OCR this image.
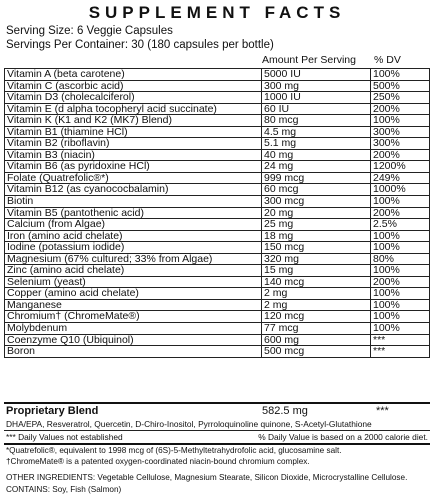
SUPPLEMENT FACTS
Serving Size: 6 Veggie Capsules
Servings Per Container: 30 (180 capsules per bottle)
Amount Per Serving % DV
Vitamin A (beta carotene)	5000 IU	100%
Vitamin C (ascorbic acid)	300 mg	500%
Vitamin D3 (cholecalciferol)	1000 IU	250%
Vitamin E (d alpha tocopheryl acid succinate)	60 IU	200%
Vitamin K (K1 and K2 (MK7) Blend)	80 mcg	100%
Vitamin B1 (thiamine HCl)	4.5 mg	300%
Vitamin B2 (riboflavin)	5.1 mg	300%
Vitamin B3 (niacin)	40 mg	200%
Vitamin B6 (as pyridoxine HCl)	24 mg	1200%
Folate (Quatrefolic®*)	999 mcg	249%
Vitamin B12 (as cyanococbalamin)	60 mcg	1000%
Biotin	300 mcg	100%
Vitamin B5 (pantothenic acid)	20 mg	200%
Calcium (from Algae)	25 mg	2.5%
Iron (amino acid chelate)	18 mg	100%
Iodine (potassium iodide)	150 mcg	100%
Magnesium (67% cultured; 33% from Algae)	320 mg	80%
Zinc (amino acid chelate)	15 mg	100%
Selenium (yeast)	140 mcg	200%
Copper (amino acid chelate)	2 mg	100%
Manganese	2 mg	100%
Chromium† (ChromeMate®)	120 mcg	100%
Molybdenum	77 mcg	100%
Coenzyme Q10 (Ubiquinol)	600 mg	***
Boron	500 mcg	***
Proprietary Blend	582.5 mg	***
DHA/EPA, Resveratrol, Quercetin, D-Chiro-Inositol, Pyrroloquinoline quinone, S-Acetyl-Glutathione
*** Daily Values not established	% Daily Value is based on a 2000 calorie diet.
*Quatrefolic®, equivalent to 1998 mcg of (6S)-5-Methyltetrahydrofolic acid, glucosamine salt.
†ChromeMate® is a patented oxygen-coordinated niacin-bound chromium complex.
OTHER INGREDIENTS: Vegetable Cellulose, Magnesium Stearate, Silicon Dioxide, Microcrystalline Cellulose.
CONTAINS: Soy, Fish (Salmon)
